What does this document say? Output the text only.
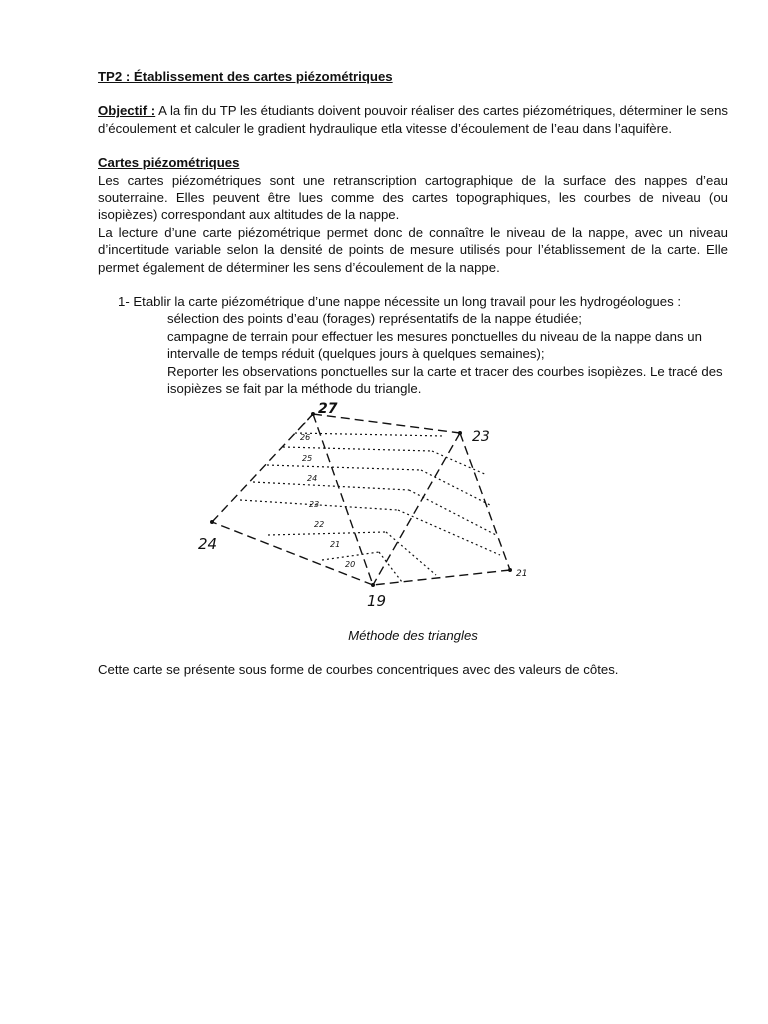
TP2 : Établissement des cartes piézométriques

Objectif : A la fin du TP les étudiants doivent pouvoir réaliser des cartes piézométriques, déterminer le sens d’écoulement et calculer le gradient hydraulique etla vitesse d’écoulement de l’eau dans l’aquifère.

Cartes piézométriques

Les cartes piézométriques sont une retranscription cartographique de la surface des nappes d’eau souterraine. Elles peuvent être lues comme des cartes topographiques, les courbes de niveau (ou isopièzes) correspondant aux altitudes de la nappe.

La lecture d’une carte piézométrique permet donc de connaître le niveau de la nappe, avec un niveau d’incertitude variable selon la densité de points de mesure utilisés pour l’établissement de la carte. Elle permet également de déterminer les sens d’écoulement de la nappe.

1- Etablir la carte piézométrique d’une nappe nécessite un long travail pour les hydrogéologues :

sélection des points d’eau (forages) représentatifs de la nappe étudiée;

campagne de terrain pour effectuer les mesures ponctuelles du niveau de la nappe dans un intervalle de temps réduit (quelques jours à quelques semaines);

Reporter les observations ponctuelles sur la carte et tracer des courbes isopièzes. Le tracé des isopièzes se fait par la méthode du triangle.

27
23
24
19
21
26
25
24
23
22
21
20
Méthode des triangles
Cette carte se présente sous forme de courbes concentriques avec des valeurs de côtes.
